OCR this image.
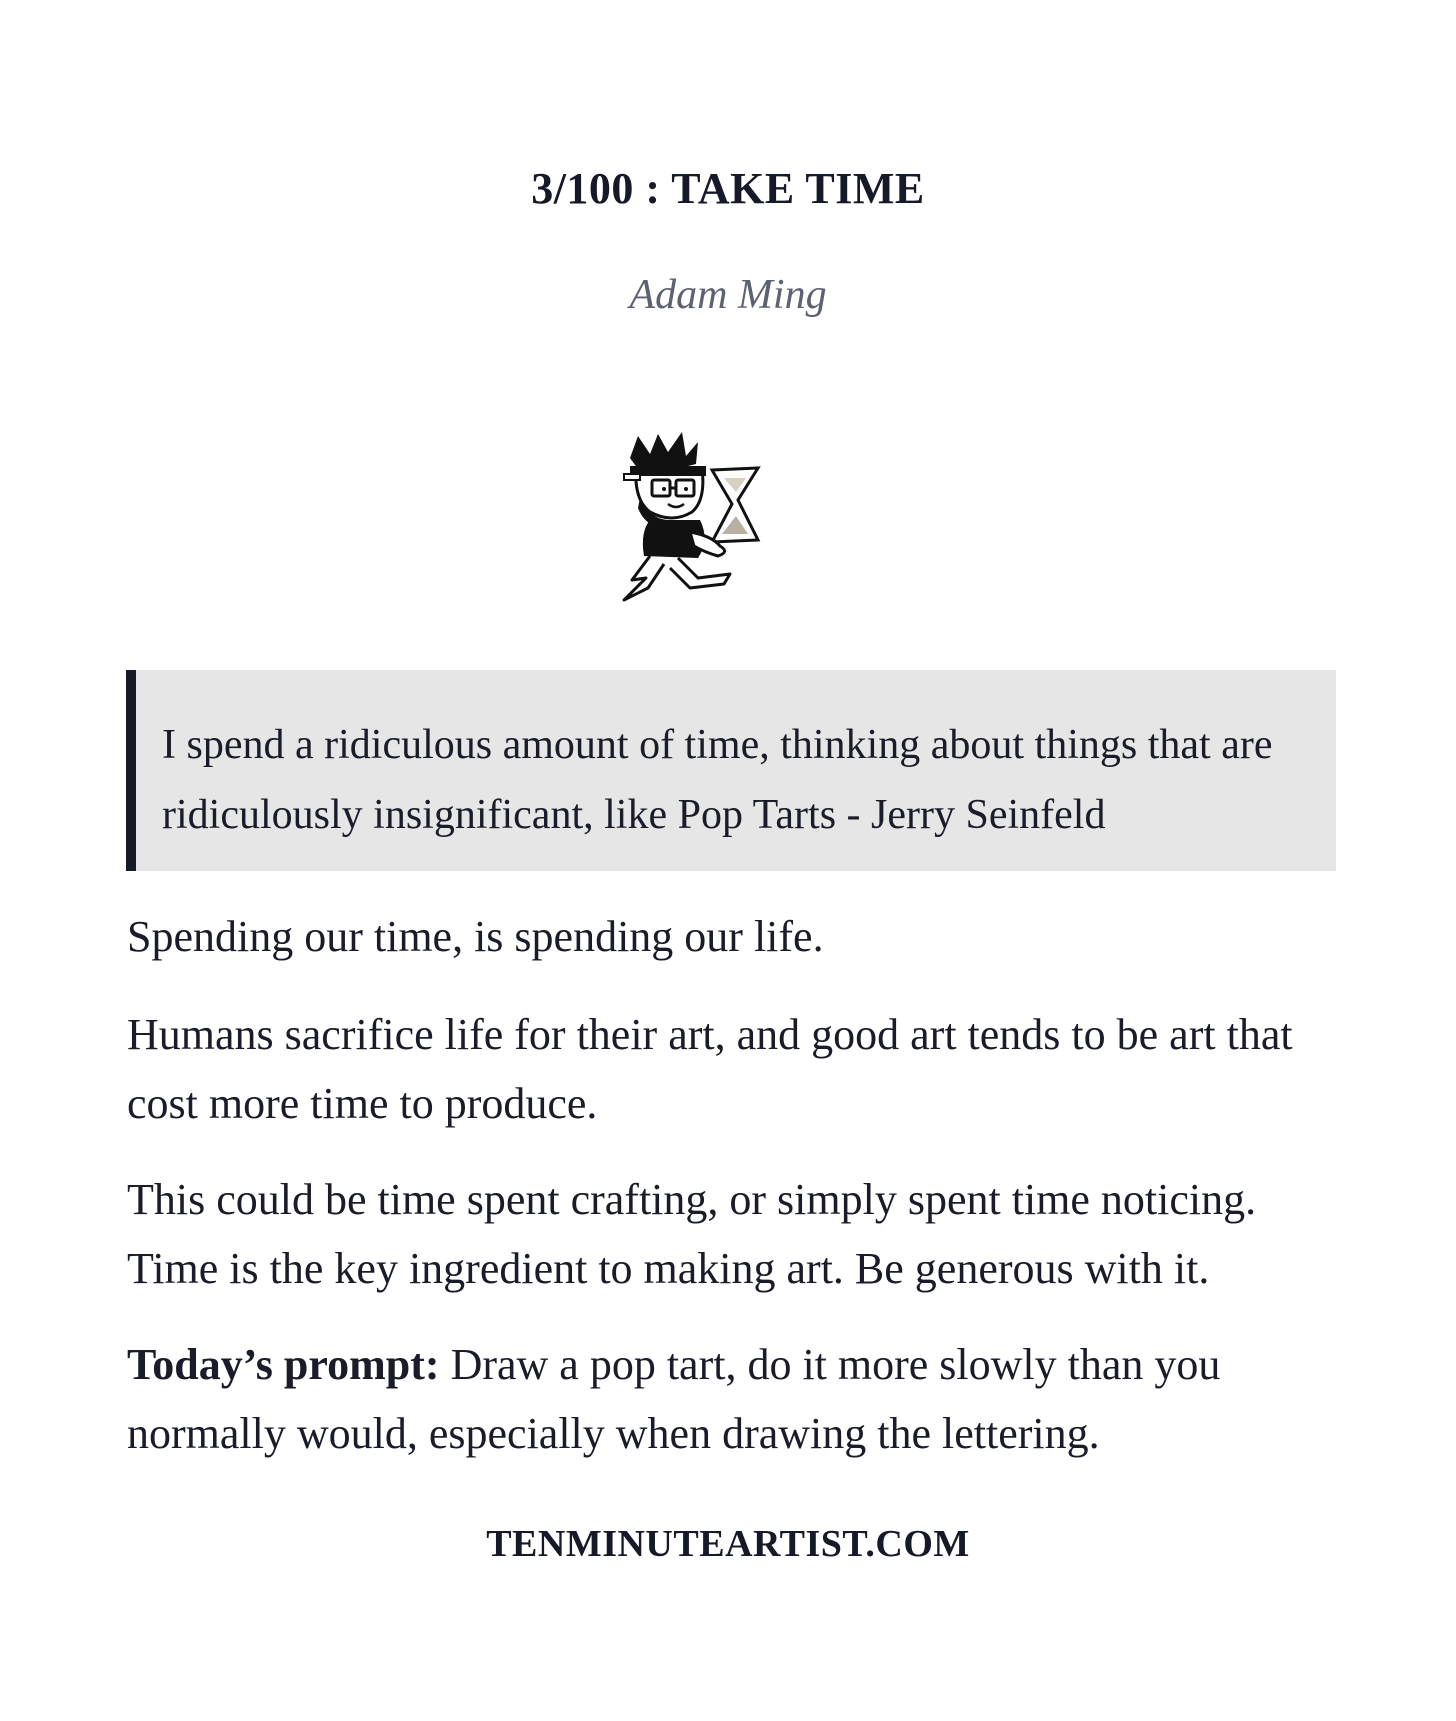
3/100 : TAKE TIME
Adam Ming
I spend a ridiculous amount of time, thinking about things that are ridiculously insignificant, like Pop Tarts - Jerry Seinfeld

Spending our time, is spending our life.

Humans sacrifice life for their art, and good art tends to be art that cost more time to produce.

This could be time spent crafting, or simply spent time noticing. Time is the key ingredient to making art. Be generous with it.

Today’s prompt: Draw a pop tart, do it more slowly than you normally would, especially when drawing the lettering.

TENMINUTEARTIST.COM
